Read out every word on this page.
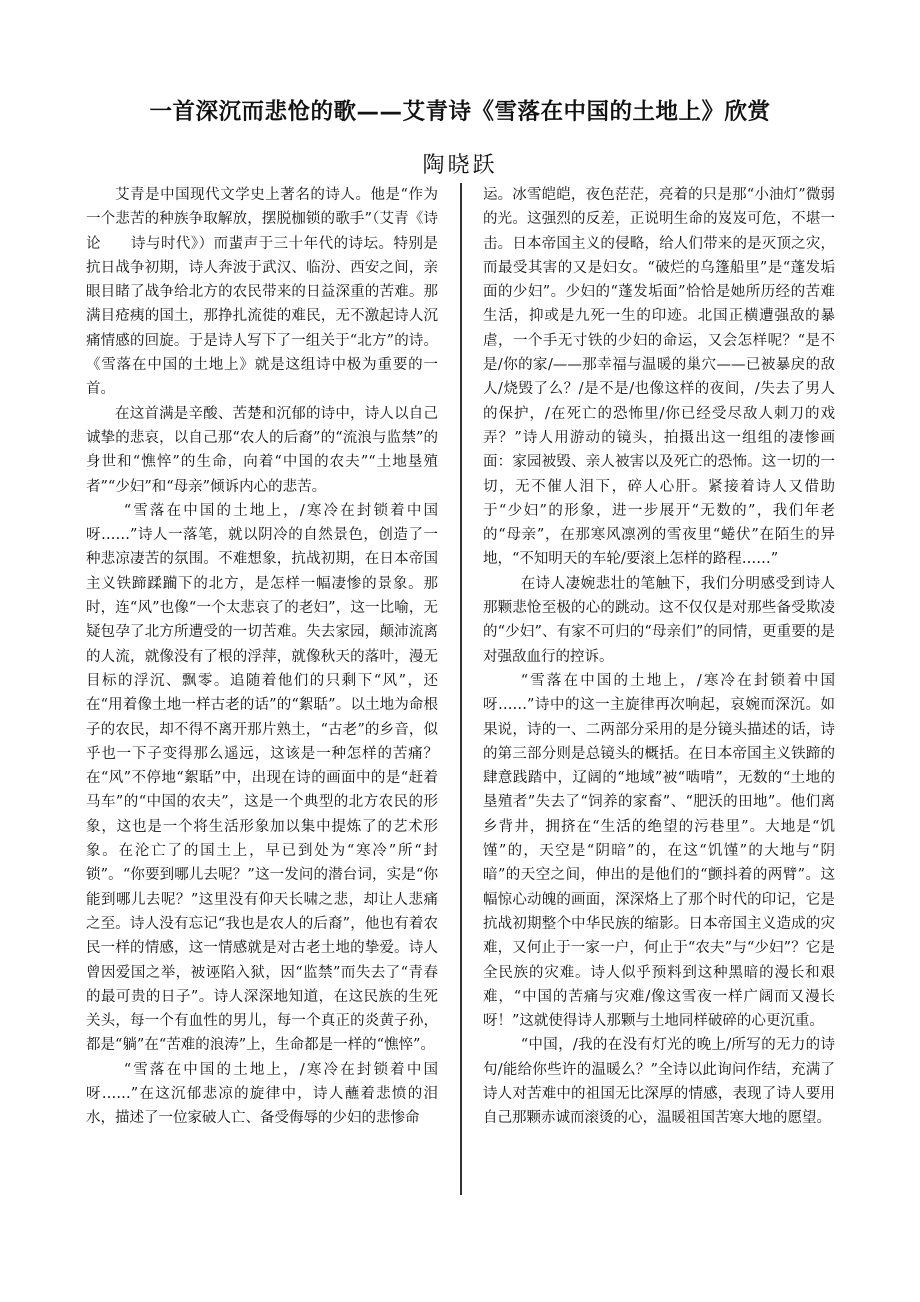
一首深沉而悲怆的歌——艾青诗《雪落在中国的土地上》欣赏
陶晓跃

艾青是中国现代文学史上著名的诗人。他是“作为一个悲苦的种族争取解放，摆脱枷锁的歌手”（艾青《诗论　　诗与时代》）而蜚声于三十年代的诗坛。特别是抗日战争初期，诗人奔波于武汉、临汾、西安之间，亲眼目睹了战争给北方的农民带来的日益深重的苦难。那满目疮痍的国土，那挣扎流徙的难民，无不激起诗人沉痛情感的回旋。于是诗人写下了一组关于“北方”的诗。《雪落在中国的土地上》就是这组诗中极为重要的一首。

在这首满是辛酸、苦楚和沉郁的诗中，诗人以自己诚挚的悲哀，以自己那“农人的后裔”的“流浪与监禁”的身世和“憔悴”的生命，向着“中国的农夫”“土地垦殖者”“少妇”和“母亲”倾诉内心的悲苦。

“雪落在中国的土地上，/寒冷在封锁着中国呀……”诗人一落笔，就以阴冷的自然景色，创造了一种悲凉凄苦的氛围。不难想象，抗战初期，在日本帝国主义铁蹄蹂躏下的北方，是怎样一幅凄惨的景象。那时，连“风”也像“一个太悲哀了的老妇”，这一比喻，无疑包孕了北方所遭受的一切苦难。失去家园，颠沛流离的人流，就像没有了根的浮萍，就像秋天的落叶，漫无目标的浮沉、飘零。追随着他们的只剩下“风”，还在“用着像土地一样古老的话”的“絮聒”。以土地为命根子的农民，却不得不离开那片熟土，“古老”的乡音，似乎也一下子变得那么遥远，这该是一种怎样的苦痛？在“风”不停地“絮聒”中，出现在诗的画面中的是“赶着马车”的“中国的农夫”，这是一个典型的北方农民的形象，这也是一个将生活形象加以集中提炼了的艺术形象。在沦亡了的国土上，早已到处为“寒冷”所“封锁”。“你要到哪儿去呢？”这一发问的潜台词，实是“你能到哪儿去呢？”这里没有仰天长啸之悲，却让人悲痛之至。诗人没有忘记“我也是农人的后裔”，他也有着农民一样的情感，这一情感就是对古老土地的挚爱。诗人曾因爱国之举，被诬陷入狱，因“监禁”而失去了“青春的最可贵的日子”。诗人深深地知道，在这民族的生死关头，每一个有血性的男儿，每一个真正的炎黄子孙，都是“躺”在“苦难的浪涛”上，生命都是一样的“憔悴”。

“雪落在中国的土地上，/寒冷在封锁着中国呀……”在这沉郁悲凉的旋律中，诗人蘸着悲愤的泪水，描述了一位家破人亡、备受侮辱的少妇的悲惨命

运。冰雪皑皑，夜色茫茫，亮着的只是那“小油灯”微弱的光。这强烈的反差，正说明生命的岌岌可危，不堪一击。日本帝国主义的侵略，给人们带来的是灭顶之灾，而最受其害的又是妇女。“破烂的乌篷船里”是“蓬发垢面的少妇”。少妇的“蓬发垢面”恰恰是她所历经的苦难生活，抑或是九死一生的印迹。北国正横遭强敌的暴虐，一个手无寸铁的少妇的命运，又会怎样呢？“是不是/你的家/——那幸福与温暖的巢穴——已被暴戾的敌人/烧毁了么？/是不是/也像这样的夜间，/失去了男人的保护，/在死亡的恐怖里/你已经受尽敌人刺刀的戏弄？”诗人用游动的镜头，拍摄出这一组组的凄惨画面：家园被毁、亲人被害以及死亡的恐怖。这一切的一切，无不催人泪下，碎人心肝。紧接着诗人又借助于“少妇”的形象，进一步展开“无数的”，我们年老的“母亲”，在那寒风凛冽的雪夜里“蜷伏”在陌生的异地，“不知明天的车轮/要滚上怎样的路程……”

在诗人凄婉悲壮的笔触下，我们分明感受到诗人那颗悲怆至极的心的跳动。这不仅仅是对那些备受欺凌的“少妇”、有家不可归的“母亲们”的同情，更重要的是对强敌血行的控诉。

“雪落在中国的土地上，/寒冷在封锁着中国呀……”诗中的这一主旋律再次响起，哀婉而深沉。如果说，诗的一、二两部分采用的是分镜头描述的话，诗的第三部分则是总镜头的概括。在日本帝国主义铁蹄的肆意践踏中，辽阔的“地域”被“啮啃”，无数的“土地的垦殖者”失去了“饲养的家畜”、“肥沃的田地”。他们离乡背井，拥挤在“生活的绝望的污巷里”。大地是“饥馑”的，天空是“阴暗”的，在这“饥馑”的大地与“阴暗”的天空之间，伸出的是他们的“颤抖着的两臂”。这幅惊心动魄的画面，深深烙上了那个时代的印记，它是抗战初期整个中华民族的缩影。日本帝国主义造成的灾难，又何止于一家一户，何止于“农夫”与“少妇”？它是全民族的灾难。诗人似乎预料到这种黑暗的漫长和艰难，“中国的苦痛与灾难/像这雪夜一样广阔而又漫长呀！”这就使得诗人那颗与土地同样破碎的心更沉重。

“中国，/我的在没有灯光的晚上/所写的无力的诗句/能给你些许的温暖么？”全诗以此询问作结，充满了诗人对苦难中的祖国无比深厚的情感，表现了诗人要用自己那颗赤诚而滚烫的心，温暖祖国苦寒大地的愿望。
